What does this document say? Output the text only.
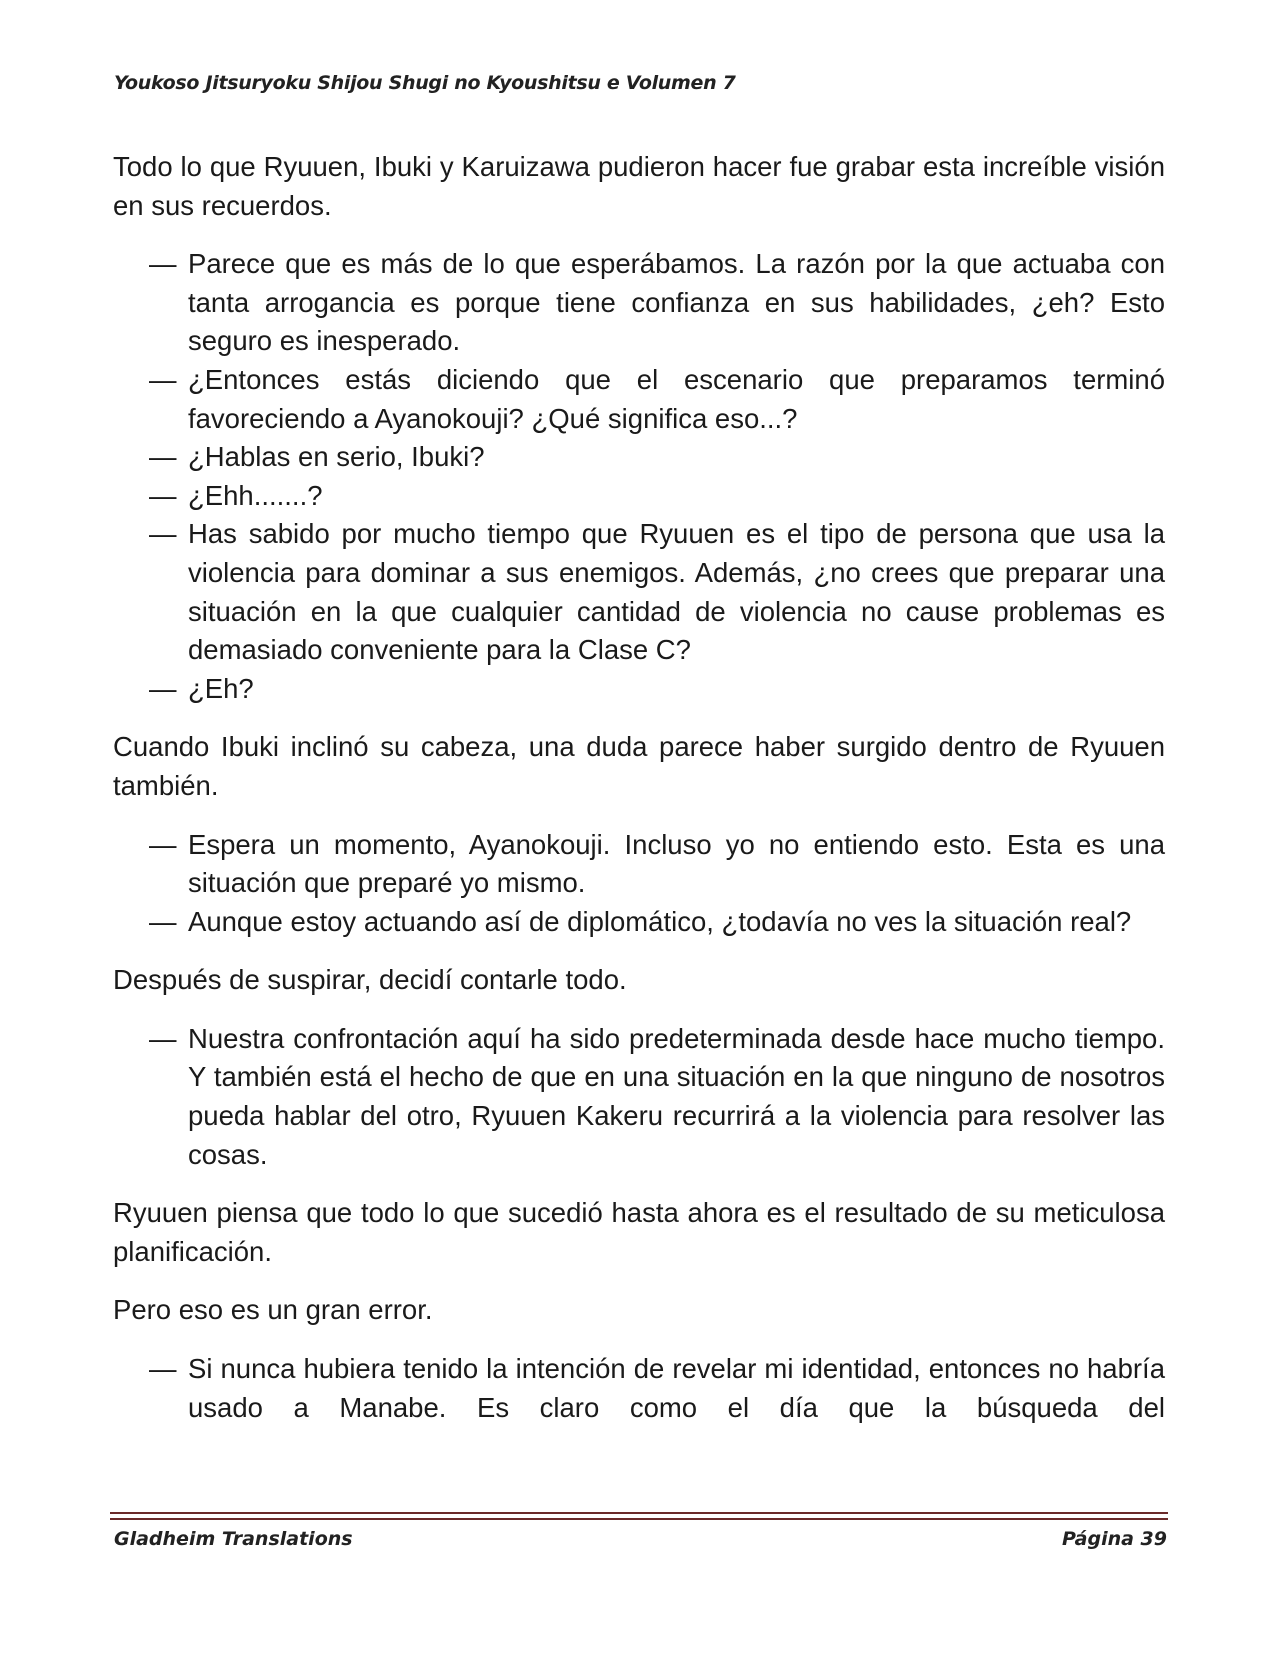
Youkoso Jitsuryoku Shijou Shugi no Kyoushitsu e Volumen 7

Todo lo que Ryuuen, Ibuki y Karuizawa pudieron hacer fue grabar esta increíble visión en sus recuerdos.

— Parece que es más de lo que esperábamos. La razón por la que actuaba con tanta arrogancia es porque tiene confianza en sus habilidades, ¿eh? Esto seguro es inesperado.

— ¿Entonces estás diciendo que el escenario que preparamos terminó favoreciendo a Ayanokouji? ¿Qué significa eso...?

— ¿Hablas en serio, Ibuki?

— ¿Ehh.......?

— Has sabido por mucho tiempo que Ryuuen es el tipo de persona que usa la violencia para dominar a sus enemigos. Además, ¿no crees que preparar una situación en la que cualquier cantidad de violencia no cause problemas es demasiado conveniente para la Clase C?

— ¿Eh?

Cuando Ibuki inclinó su cabeza, una duda parece haber surgido dentro de Ryuuen también.

— Espera un momento, Ayanokouji. Incluso yo no entiendo esto. Esta es una situación que preparé yo mismo.

— Aunque estoy actuando así de diplomático, ¿todavía no ves la situación real?

Después de suspirar, decidí contarle todo.

— Nuestra confrontación aquí ha sido predeterminada desde hace mucho tiempo. Y también está el hecho de que en una situación en la que ninguno de nosotros pueda hablar del otro, Ryuuen Kakeru recurrirá a la violencia para resolver las cosas.

Ryuuen piensa que todo lo que sucedió hasta ahora es el resultado de su meticulosa planificación.

Pero eso es un gran error.

— Si nunca hubiera tenido la intención de revelar mi identidad, entonces no habría usado a Manabe. Es claro como el día que la búsqueda del

Gladheim Translations	Página 39
